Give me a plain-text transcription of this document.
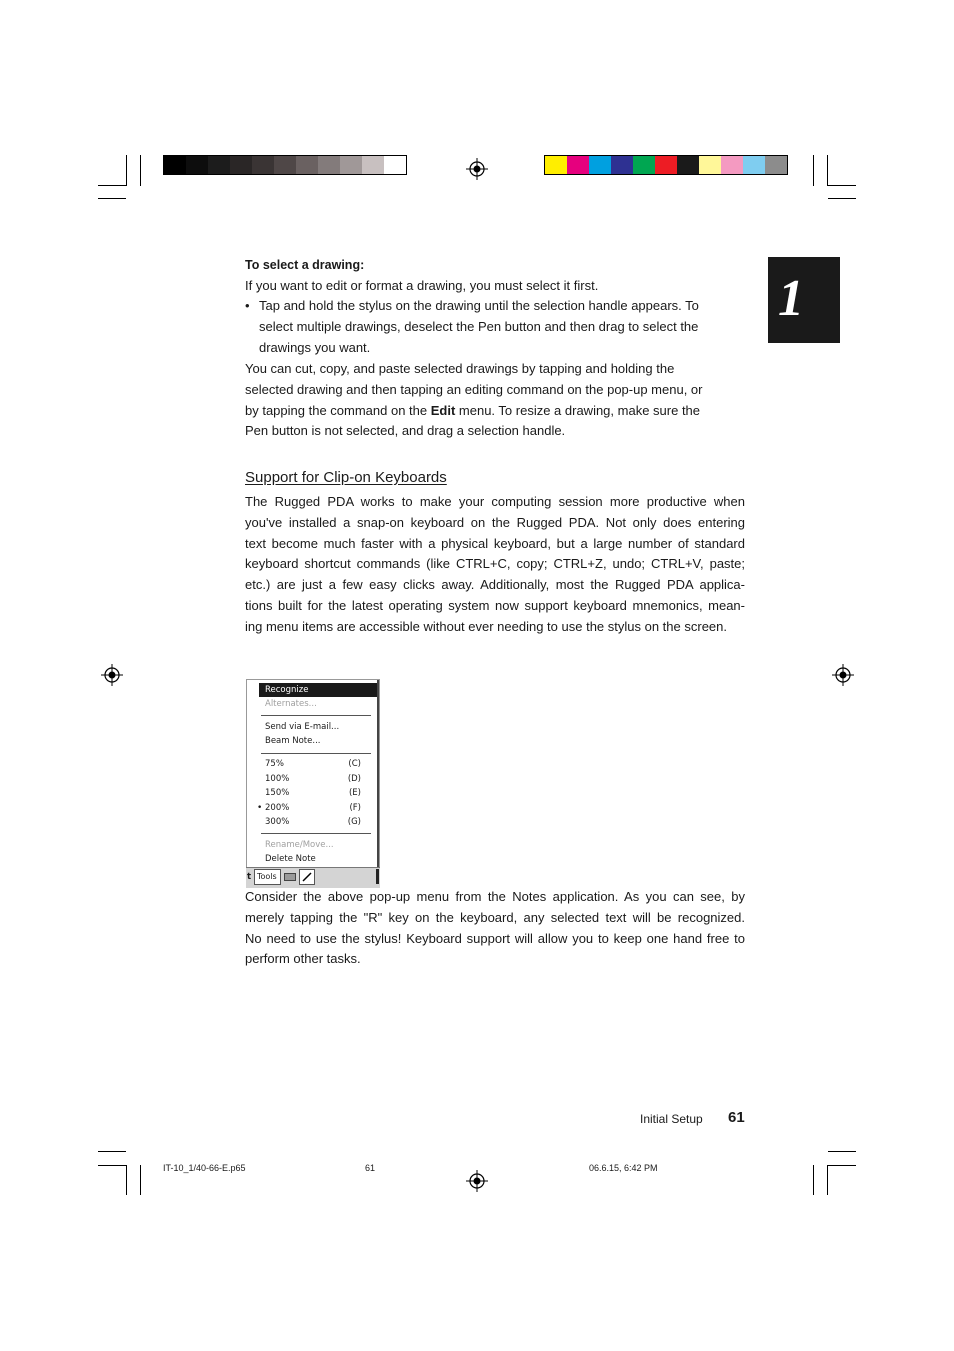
1
To select a drawing:
If you want to edit or format a drawing, you must select it first.
• Tap and hold the stylus on the drawing until the selection handle appears. To
select multiple drawings, deselect the Pen button and then drag to select the
drawings you want.
You can cut, copy, and paste selected drawings by tapping and holding the
selected drawing and then tapping an editing command on the pop-up menu, or
by tapping the command on the Edit menu. To resize a drawing, make sure the
Pen button is not selected, and drag a selection handle.
Support for Clip-on Keyboards
The Rugged PDA works to make your computing session more productive when
you've installed a snap-on keyboard on the Rugged PDA. Not only does entering
text become much faster with a physical keyboard, but a large number of standard
keyboard shortcut commands (like CTRL+C, copy; CTRL+Z, undo; CTRL+V, paste;
etc.) are just a few easy clicks away. Additionally, most the Rugged PDA applica-
tions built for the latest operating system now support keyboard mnemonics, mean-
ing menu items are accessible without ever needing to use the stylus on the screen.
Recognize
Alternates...
Send via E-mail...
Beam Note...
75%	(C)
100%	(D)
150%	(E)
• 200%	(F)
300%	(G)
Rename/Move...
Delete Note
t Tools
Consider the above pop-up menu from the Notes application. As you can see, by
merely tapping the "R" key on the keyboard, any selected text will be recognized.
No need to use the stylus! Keyboard support will allow you to keep one hand free to
perform other tasks.
Initial Setup 61
IT-10_1/40-66-E.p65	61	06.6.15, 6:42 PM
